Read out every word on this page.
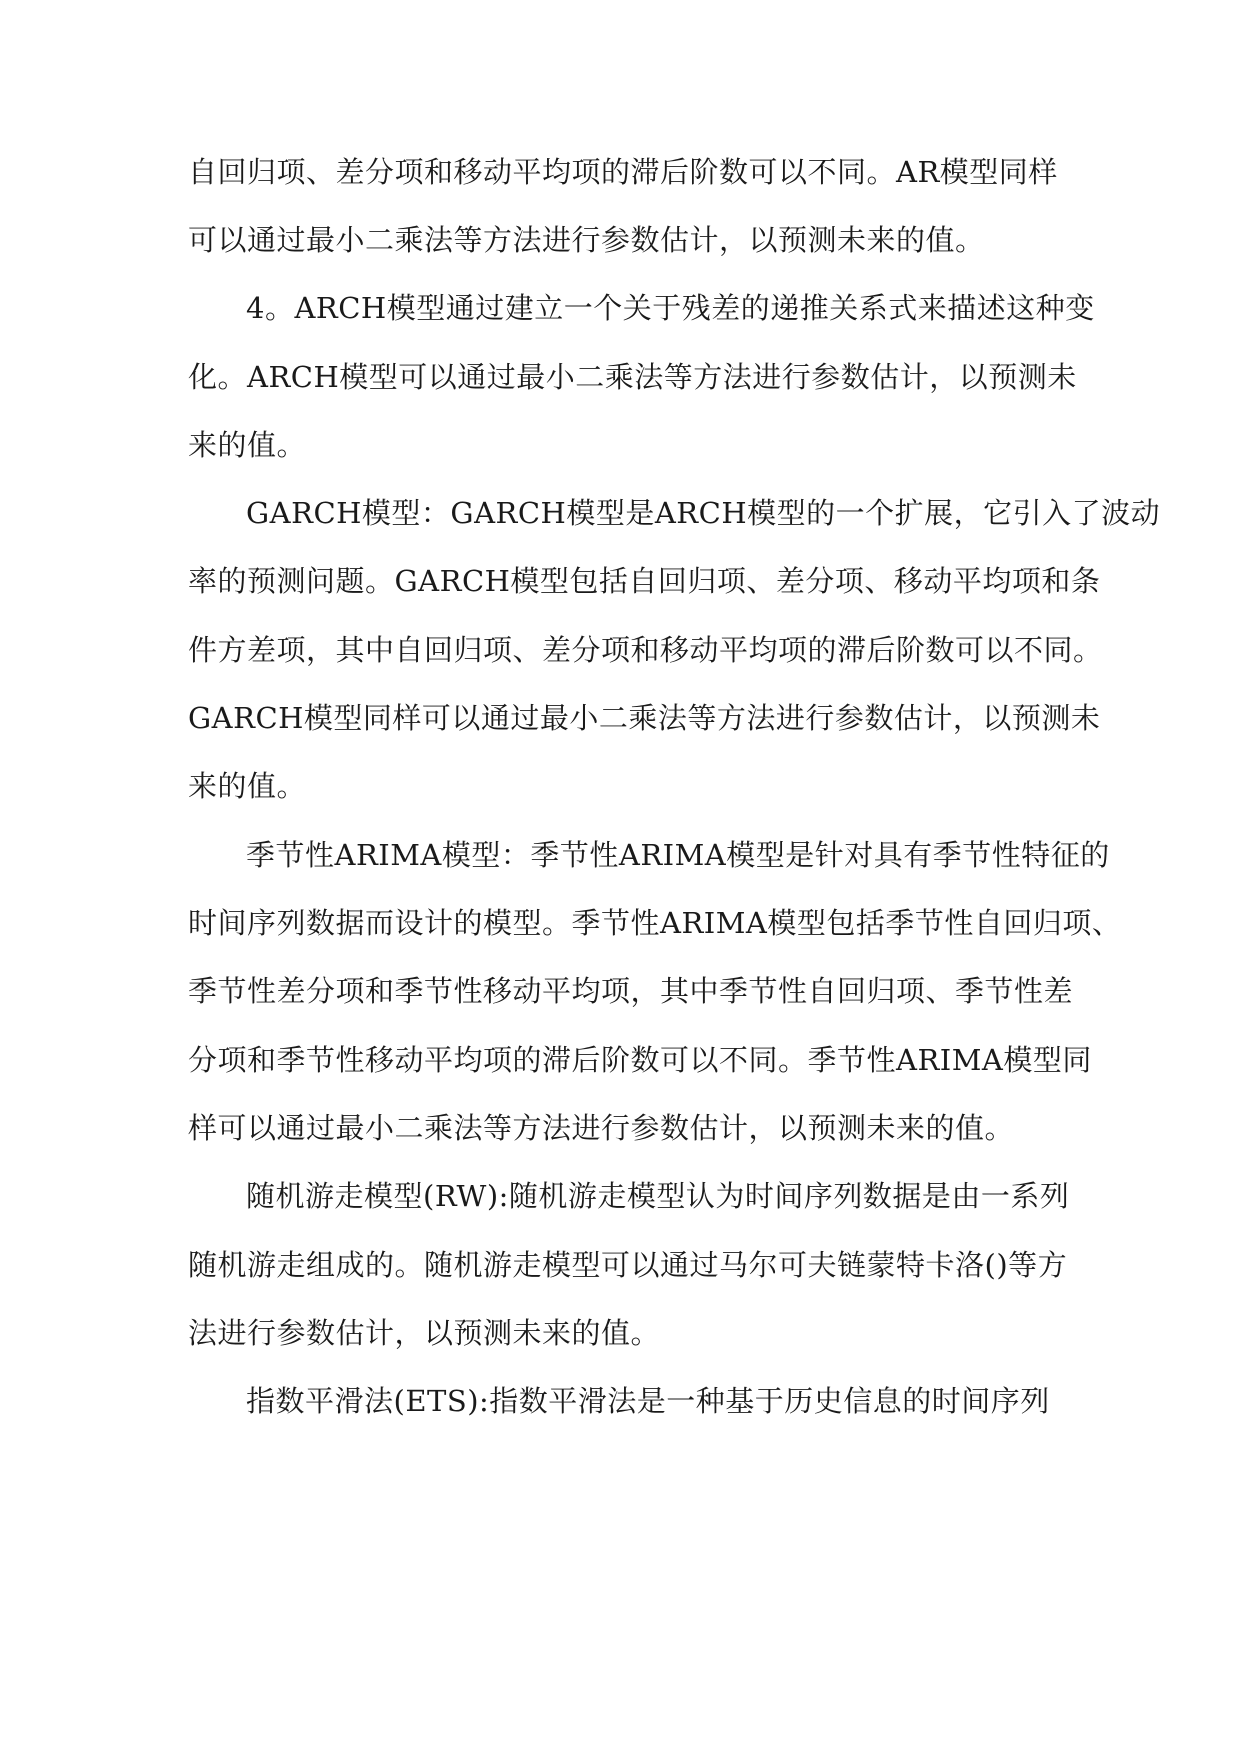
自回归项、差分项和移动平均项的滞后阶数可以不同。AR模型同样
可以通过最小二乘法等方法进行参数估计，以预测未来的值。
4。ARCH模型通过建立一个关于残差的递推关系式来描述这种变
化。ARCH模型可以通过最小二乘法等方法进行参数估计，以预测未
来的值。
GARCH模型：GARCH模型是ARCH模型的一个扩展，它引入了波动
率的预测问题。GARCH模型包括自回归项、差分项、移动平均项和条
件方差项，其中自回归项、差分项和移动平均项的滞后阶数可以不同。
GARCH模型同样可以通过最小二乘法等方法进行参数估计，以预测未
来的值。
季节性ARIMA模型：季节性ARIMA模型是针对具有季节性特征的
时间序列数据而设计的模型。季节性ARIMA模型包括季节性自回归项、
季节性差分项和季节性移动平均项，其中季节性自回归项、季节性差
分项和季节性移动平均项的滞后阶数可以不同。季节性ARIMA模型同
样可以通过最小二乘法等方法进行参数估计，以预测未来的值。
随机游走模型(RW):随机游走模型认为时间序列数据是由一系列
随机游走组成的。随机游走模型可以通过马尔可夫链蒙特卡洛()等方
法进行参数估计，以预测未来的值。
指数平滑法(ETS):指数平滑法是一种基于历史信息的时间序列
